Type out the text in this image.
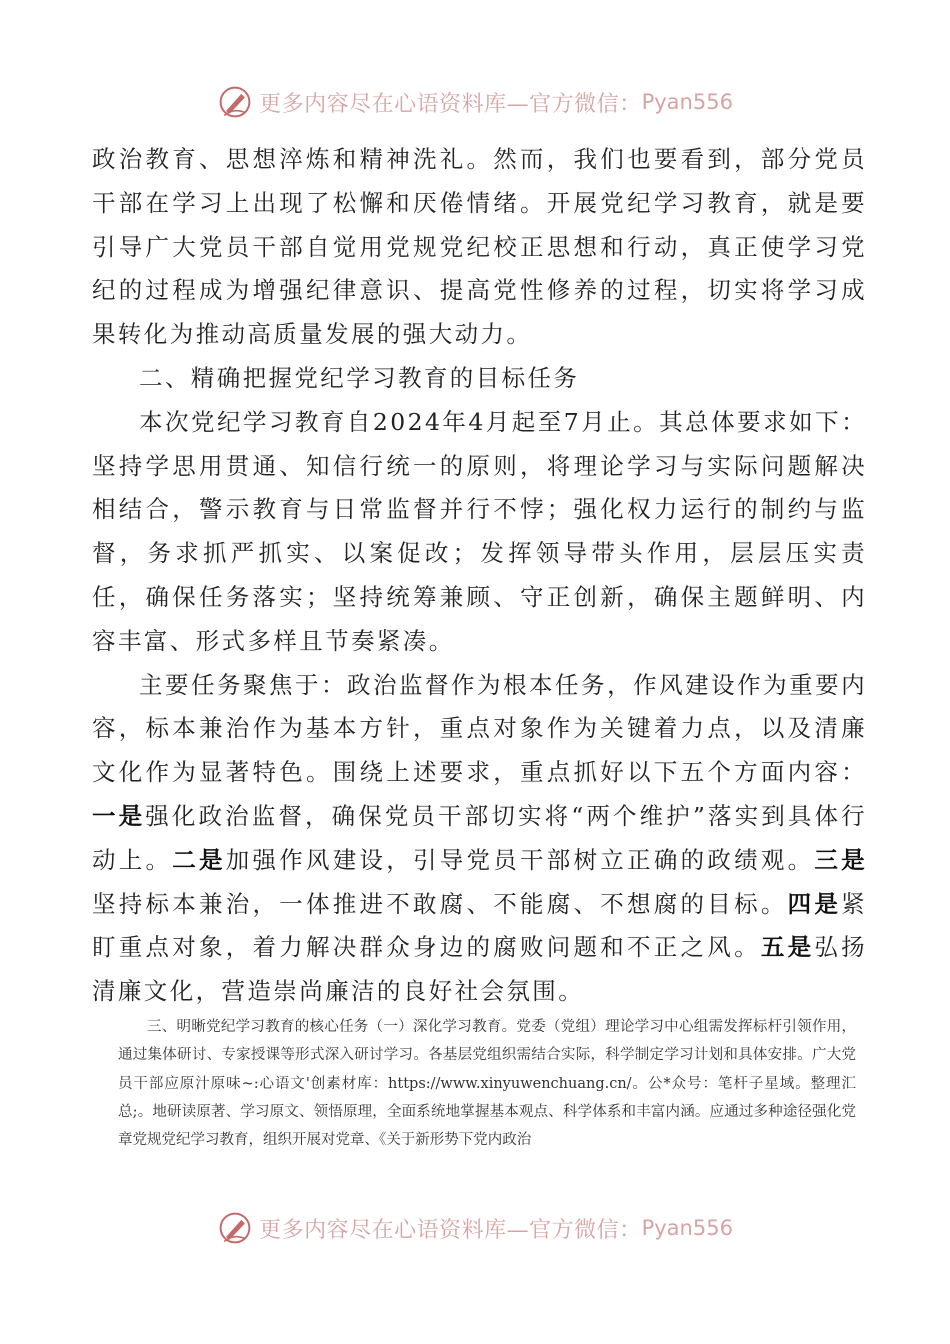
更多内容尽在心语资料库—官方微信： Pyan556

政治教育、思想淬炼和精神洗礼。然而，我们也要看到，部分党员干部在学习上出现了松懈和厌倦情绪。开展党纪学习教育，就是要引导广大党员干部自觉用党规党纪校正思想和行动，真正使学习党纪的过程成为增强纪律意识、提高党性修养的过程，切实将学习成果转化为推动高质量发展的强大动力。

二、精确把握党纪学习教育的目标任务

本次党纪学习教育自2024年4月起至7月止。其总体要求如下：坚持学思用贯通、知信行统一的原则，将理论学习与实际问题解决相结合，警示教育与日常监督并行不悖；强化权力运行的制约与监督，务求抓严抓实、以案促改；发挥领导带头作用，层层压实责任，确保任务落实；坚持统筹兼顾、守正创新，确保主题鲜明、内容丰富、形式多样且节奏紧凑。

主要任务聚焦于：政治监督作为根本任务，作风建设作为重要内容，标本兼治作为基本方针，重点对象作为关键着力点，以及清廉文化作为显著特色。围绕上述要求，重点抓好以下五个方面内容：一是强化政治监督，确保党员干部切实将“两个维护”落实到具体行动上。二是加强作风建设，引导党员干部树立正确的政绩观。三是坚持标本兼治，一体推进不敢腐、不能腐、不想腐的目标。四是紧盯重点对象，着力解决群众身边的腐败问题和不正之风。五是弘扬清廉文化，营造崇尚廉洁的良好社会氛围。

三、明晰党纪学习教育的核心任务（一）深化学习教育。党委（党组）理论学习中心组需发挥标杆引领作用，通过集体研讨、专家授课等形式深入研讨学习。各基层党组织需结合实际，科学制定学习计划和具体安排。广大党员干部应原汁原味~:心语文'创素材库：https://www.xinyuwenchuang.cn/。公*众号：笔杆子星域。整理汇总;。地研读原著、学习原文、领悟原理，全面系统地掌握基本观点、科学体系和丰富内涵。应通过多种途径强化党章党规党纪学习教育，组织开展对党章、《关于新形势下党内政治

更多内容尽在心语资料库—官方微信： Pyan556
